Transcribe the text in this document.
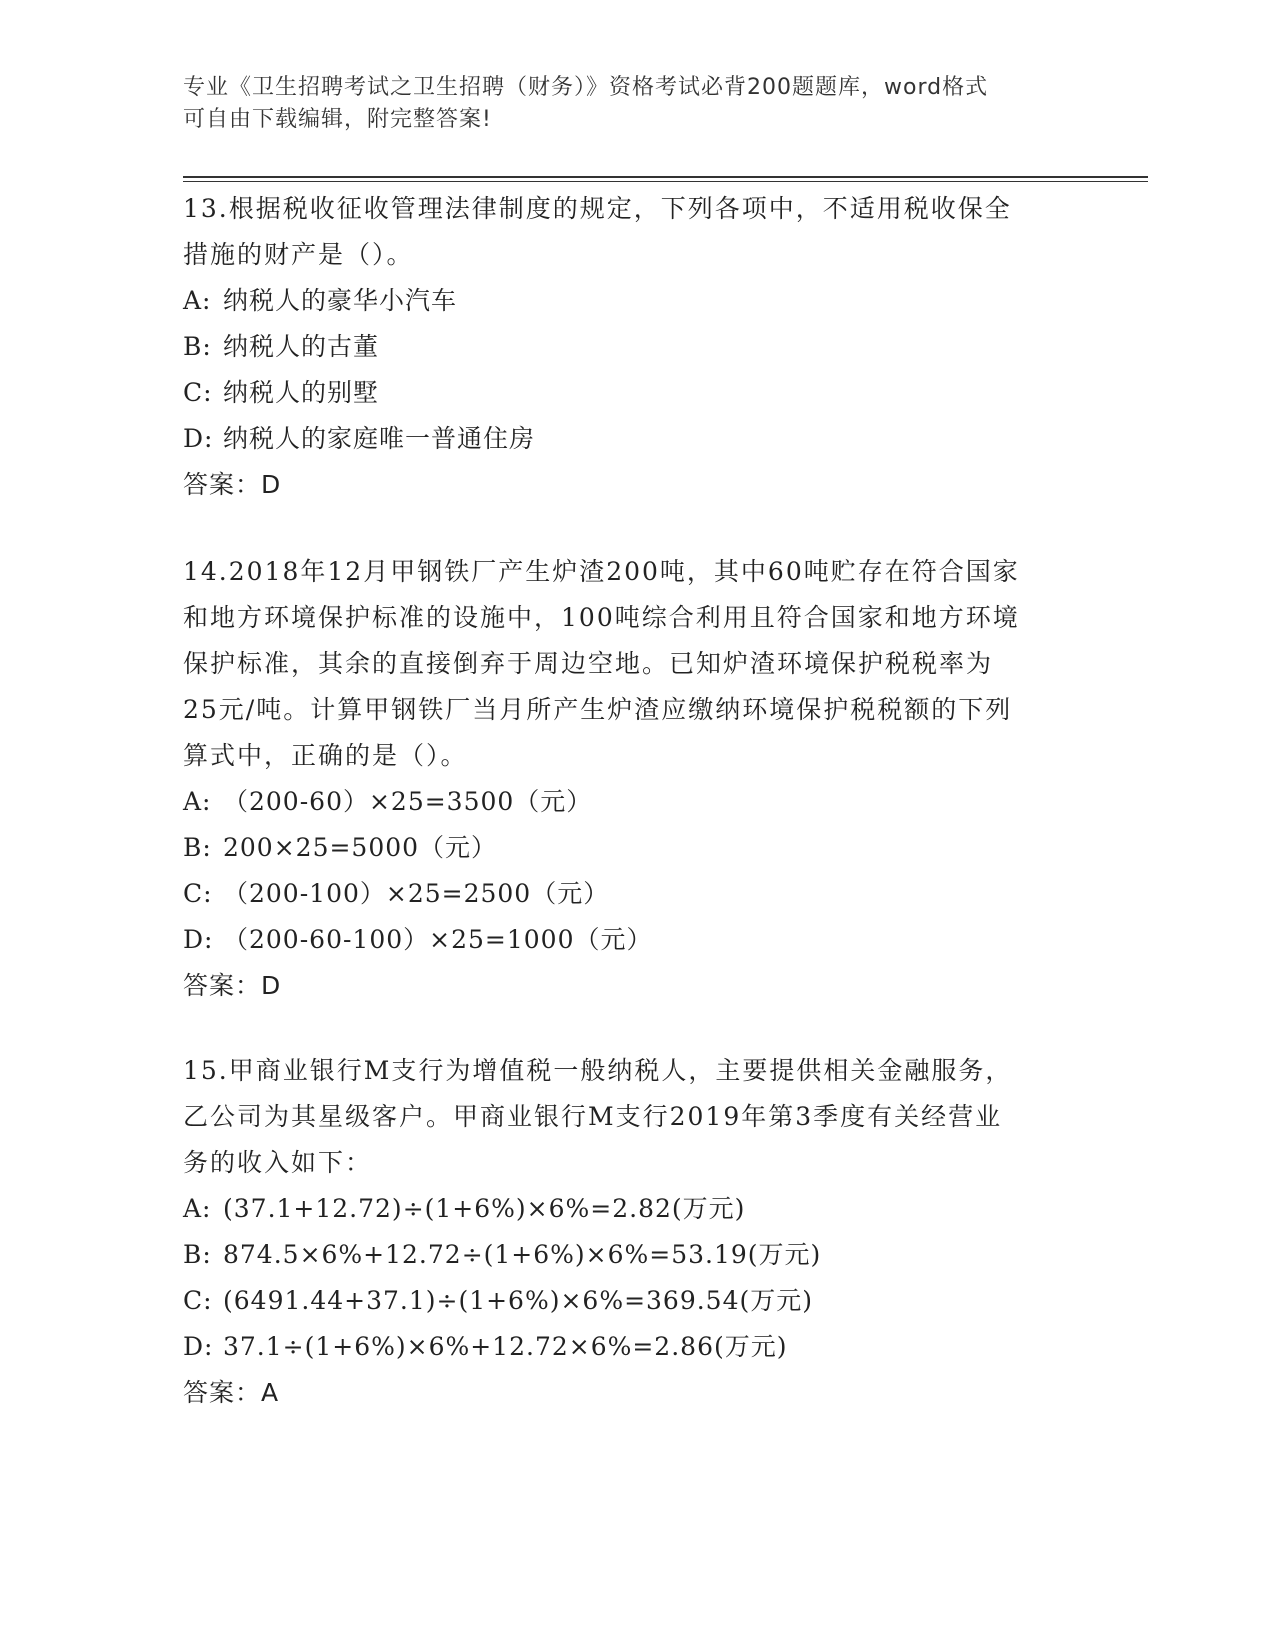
专业《卫生招聘考试之卫生招聘（财务）》资格考试必背200题题库，word格式
可自由下载编辑，附完整答案!
13.根据税收征收管理法律制度的规定，下列各项中，不适用税收保全
措施的财产是（）。
A: 纳税人的豪华小汽车
B: 纳税人的古董
C: 纳税人的别墅
D: 纳税人的家庭唯一普通住房
答案：D
14.2018年12月甲钢铁厂产生炉渣200吨，其中60吨贮存在符合国家
和地方环境保护标准的设施中，100吨综合利用且符合国家和地方环境
保护标准，其余的直接倒弃于周边空地。已知炉渣环境保护税税率为
25元/吨。计算甲钢铁厂当月所产生炉渣应缴纳环境保护税税额的下列
算式中，正确的是（）。
A: （200-60）×25=3500（元）
B: 200×25=5000（元）
C: （200-100）×25=2500（元）
D: （200-60-100）×25=1000（元）
答案：D
15.甲商业银行M支行为增值税一般纳税人，主要提供相关金融服务，
乙公司为其星级客户。甲商业银行M支行2019年第3季度有关经营业
务的收入如下：
A: (37.1+12.72)÷(1+6%)×6%=2.82(万元)
B: 874.5×6%+12.72÷(1+6%)×6%=53.19(万元)
C: (6491.44+37.1)÷(1+6%)×6%=369.54(万元)
D: 37.1÷(1+6%)×6%+12.72×6%=2.86(万元)
答案：A
